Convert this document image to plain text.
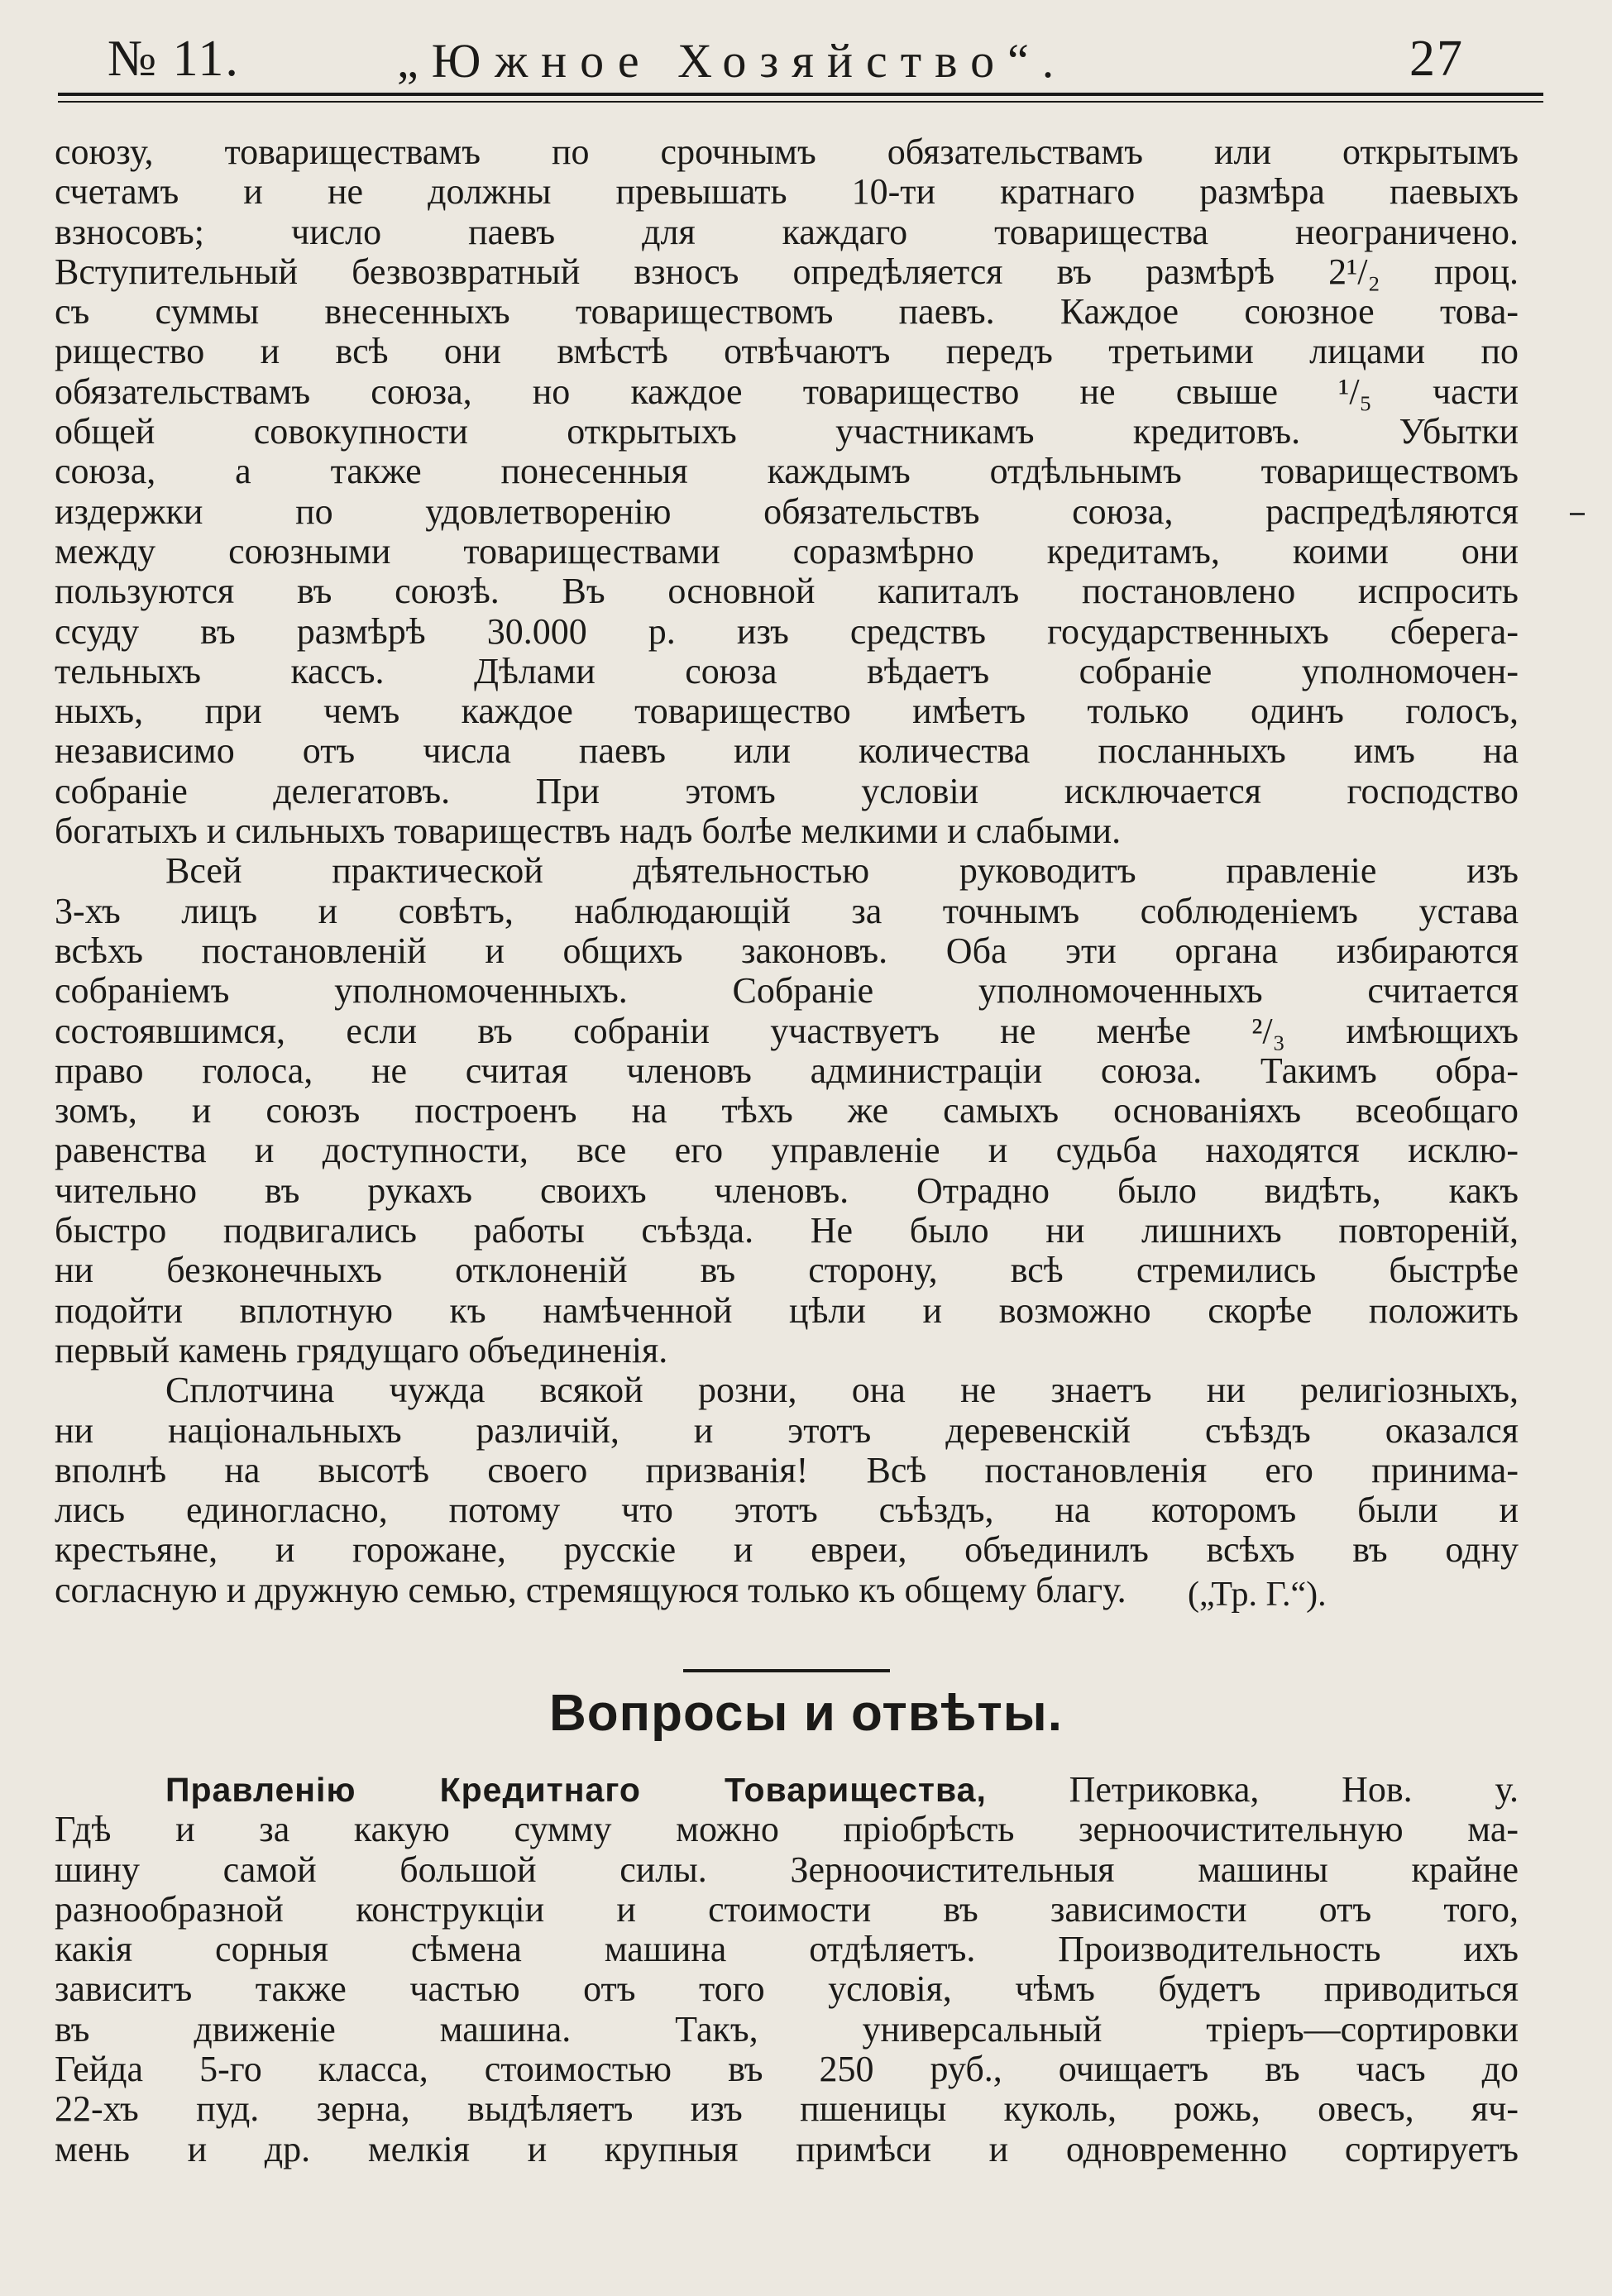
№ 11.	„Южное Хозяйство“.	27
союзу, товариществамъ по срочнымъ обязательствамъ или открытымъ
счетамъ и не должны превышать 10-ти кратнаго размѣра паевыхъ
взносовъ; число паевъ для каждаго товарищества неограничено.
Вступительный безвозвратный взносъ опредѣляется въ размѣрѣ 2¹/₂ проц.
съ суммы внесенныхъ товариществомъ паевъ. Каждое союзное това-
рищество и всѣ они вмѣстѣ отвѣчаютъ передъ третьими лицами по
обязательствамъ союза, но каждое товарищество не свыше ¹/₅ части
общей совокупности открытыхъ участникамъ кредитовъ. Убытки
союза, а также понесенныя каждымъ отдѣльнымъ товариществомъ
издержки по удовлетворенію обязательствъ союза, распредѣляются
между союзными товариществами соразмѣрно кредитамъ, коими они
пользуются въ союзѣ. Въ основной капиталъ постановлено испросить
ссуду въ размѣрѣ 30.000 р. изъ средствъ государственныхъ сберега-
тельныхъ кассъ. Дѣлами союза вѣдаетъ собраніе уполномочен-
ныхъ, при чемъ каждое товарищество имѣетъ только одинъ голосъ,
независимо отъ числа паевъ или количества посланныхъ имъ на
собраніе делегатовъ. При этомъ условіи исключается господство
богатыхъ и сильныхъ товариществъ надъ болѣе мелкими и слабыми.
Всей практической дѣятельностью руководитъ правленіе изъ
3-хъ лицъ и совѣтъ, наблюдающій за точнымъ соблюденіемъ устава
всѣхъ постановленій и общихъ законовъ. Оба эти органа избираются
собраніемъ уполномоченныхъ. Собраніе уполномоченныхъ считается
состоявшимся, если въ собраніи участвуетъ не менѣе ²/₃ имѣющихъ
право голоса, не считая членовъ администраціи союза. Такимъ обра-
зомъ, и союзъ построенъ на тѣхъ же самыхъ основаніяхъ всеобщаго
равенства и доступности, все его управленіе и судьба находятся исклю-
чительно въ рукахъ своихъ членовъ. Отрадно было видѣть, какъ
быстро подвигались работы съѣзда. Не было ни лишнихъ повтореній,
ни безконечныхъ отклоненій въ сторону, всѣ стремились быстрѣе
подойти вплотную къ намѣченной цѣли и возможно скорѣе положить
первый камень грядущаго объединенія.
Сплотчина чужда всякой розни, она не знаетъ ни религіозныхъ,
ни національныхъ различій, и этотъ деревенскій съѣздъ оказался
вполнѣ на высотѣ своего призванія! Всѣ постановленія его принима-
лись единогласно, потому что этотъ съѣздъ, на которомъ были и
крестьяне, и горожане, русскіе и евреи, объединилъ всѣхъ въ одну
согласную и дружную семью, стремящуюся только къ общему благу.	(„Тр. Г.“).
Вопросы и отвѣты.
Правленію Кредитнаго Товарищества, Петриковка, Нов. у.
Гдѣ и за какую сумму можно пріобрѣсть зерноочистительную ма-
шину самой большой силы. Зерноочистительныя машины крайне
разнообразной конструкціи и стоимости въ зависимости отъ того,
какія сорныя сѣмена машина отдѣляетъ. Производительность ихъ
зависитъ также частью отъ того условія, чѣмъ будетъ приводиться
въ движеніе машина. Такъ, универсальный тріеръ—сортировки
Гейда 5-го класса, стоимостью въ 250 руб., очищаетъ въ часъ до
22-хъ пуд. зерна, выдѣляетъ изъ пшеницы куколь, рожь, овесъ, яч-
мень и др. мелкія и крупныя примѣси и одновременно сортируетъ
